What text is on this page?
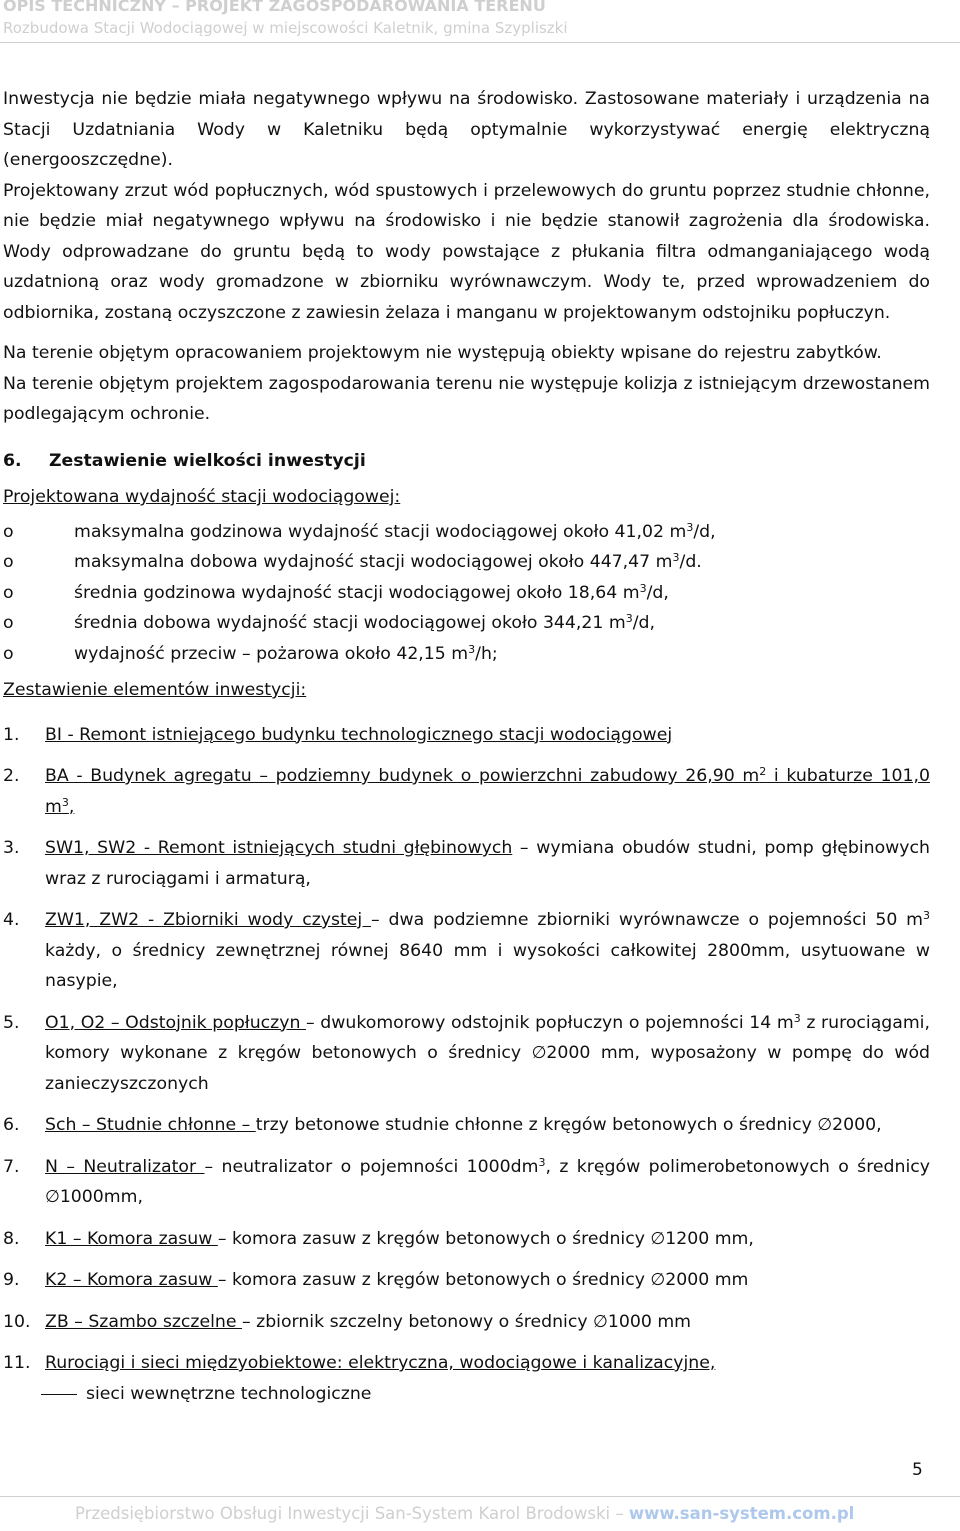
OPIS TECHNICZNY – PROJEKT ZAGOSPODAROWANIA TERENU
Rozbudowa Stacji Wodociągowej w miejscowości Kaletnik, gmina Szypliszki

Inwestycja nie będzie miała negatywnego wpływu na środowisko. Zastosowane materiały i urządzenia na Stacji Uzdatniania Wody w Kaletniku będą optymalnie wykorzystywać energię elektryczną (energooszczędne).

Projektowany zrzut wód popłucznych, wód spustowych i przelewowych do gruntu poprzez studnie chłonne, nie będzie miał negatywnego wpływu na środowisko i nie będzie stanowił zagrożenia dla środowiska. Wody odprowadzane do gruntu będą to wody powstające z płukania filtra odmanganiającego wodą uzdatnioną oraz wody gromadzone w zbiorniku wyrównawczym. Wody te, przed wprowadzeniem do odbiornika, zostaną oczyszczone z zawiesin żelaza i manganu w projektowanym odstojniku popłuczyn.

Na terenie objętym opracowaniem projektowym nie występują obiekty wpisane do rejestru zabytków.

Na terenie objętym projektem zagospodarowania terenu nie występuje kolizja z istniejącym drzewostanem podlegającym ochronie.

6. Zestawienie wielkości inwestycji
Projektowana wydajność stacji wodociągowej:
o	maksymalna godzinowa wydajność stacji wodociągowej około 41,02 $m^3/d$,
o	maksymalna dobowa wydajność stacji wodociągowej około 447,47 $m^3/d$.
o	średnia godzinowa wydajność stacji wodociągowej około 18,64 $m^3/d$,
o	średnia dobowa wydajność stacji wodociągowej około 344,21 $m^3/d$,
o	wydajność przeciw – pożarowa około 42,15 $m^3/h$;
Zestawienie elementów inwestycji:
1. BI - Remont istniejącego budynku technologicznego stacji wodociągowej
2. BA - Budynek agregatu – podziemny budynek o powierzchni zabudowy 26,90 $m^2$ i kubaturze 101,0 $m^3$,
3. SW1, SW2 - Remont istniejących studni głębinowych – wymiana obudów studni, pomp głębinowych wraz z rurociągami i armaturą,
4. ZW1, ZW2 - Zbiorniki wody czystej – dwa podziemne zbiorniki wyrównawcze o pojemności 50 $m^3$ każdy, o średnicy zewnętrznej równej 8640 mm i wysokości całkowitej 2800mm, usytuowane w nasypie,
5. O1, O2 – Odstojnik popłuczyn – dwukomorowy odstojnik popłuczyn o pojemności 14 $m^3$ z rurociągami, komory wykonane z kręgów betonowych o średnicy ∅2000 mm, wyposażony w pompę do wód zanieczyszczonych
6. Sch – Studnie chłonne – trzy betonowe studnie chłonne z kręgów betonowych o średnicy ∅2000,
7. N – Neutralizator – neutralizator o pojemności $1000dm^3$, z kręgów polimerobetonowych o średnicy ∅1000mm,
8. K1 – Komora zasuw – komora zasuw z kręgów betonowych o średnicy ∅1200 mm,
9. K2 – Komora zasuw – komora zasuw z kręgów betonowych o średnicy ∅2000 mm
10. ZB – Szambo szczelne – zbiornik szczelny betonowy o średnicy ∅1000 mm
11. Rurociągi i sieci międzyobiektowe: elektryczna, wodociągowe i kanalizacyjne,
sieci wewnętrzne technologiczne
5
Przedsiębiorstwo Obsługi Inwestycji San-System Karol Brodowski – www.san-system.com.pl
